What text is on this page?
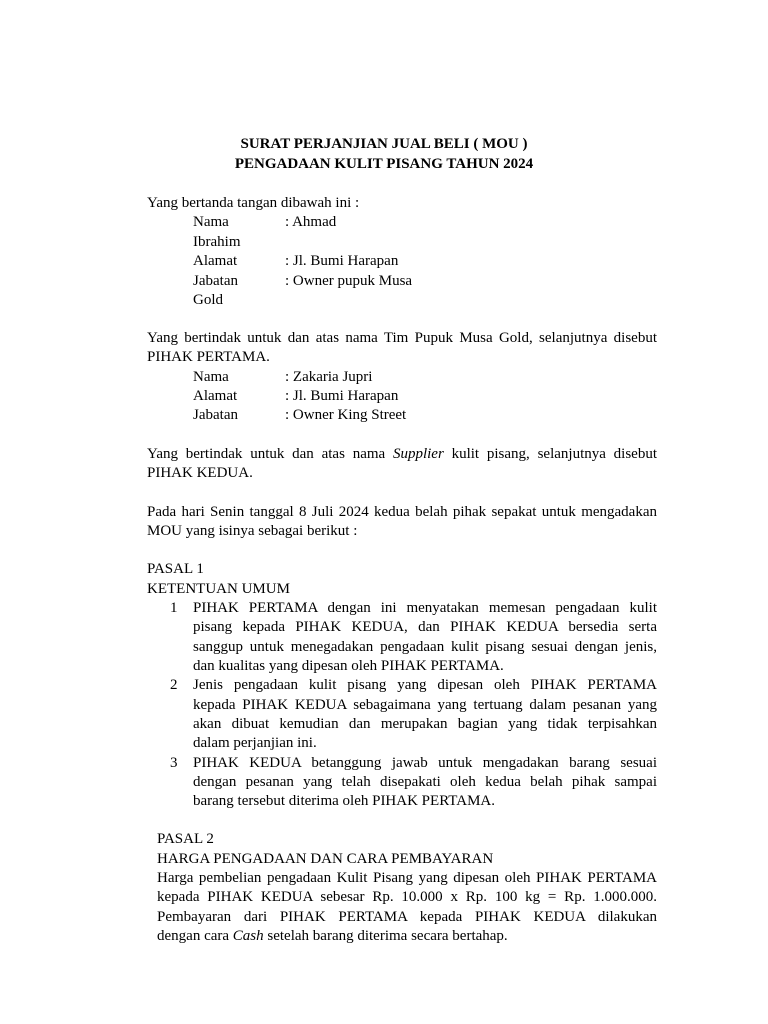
SURAT PERJANJIAN JUAL BELI ( MOU )
PENGADAAN KULIT PISANG TAHUN 2024
Yang bertanda tangan dibawah ini :
Nama	: Ahmad
Ibrahim
Alamat	: Jl. Bumi Harapan
Jabatan	: Owner pupuk Musa
Gold
Yang bertindak untuk dan atas nama Tim Pupuk Musa Gold, selanjutnya disebut
PIHAK PERTAMA.
Nama	: Zakaria Jupri
Alamat	: Jl. Bumi Harapan
Jabatan	: Owner King Street
Yang bertindak untuk dan atas nama Supplier kulit pisang, selanjutnya disebut
PIHAK KEDUA.
Pada hari Senin tanggal 8 Juli 2024 kedua belah pihak sepakat untuk mengadakan
MOU yang isinya sebagai berikut :
PASAL 1
KETENTUAN UMUM
1 PIHAK PERTAMA dengan ini menyatakan memesan pengadaan kulit
pisang kepada PIHAK KEDUA, dan PIHAK KEDUA bersedia serta
sanggup untuk menegadakan pengadaan kulit pisang sesuai dengan jenis,
dan kualitas yang dipesan oleh PIHAK PERTAMA.
2 Jenis pengadaan kulit pisang yang dipesan oleh PIHAK PERTAMA
kepada PIHAK KEDUA sebagaimana yang tertuang dalam pesanan yang
akan dibuat kemudian dan merupakan bagian yang tidak terpisahkan
dalam perjanjian ini.
3 PIHAK KEDUA betanggung jawab untuk mengadakan barang sesuai
dengan pesanan yang telah disepakati oleh kedua belah pihak sampai
barang tersebut diterima oleh PIHAK PERTAMA.
PASAL 2
HARGA PENGADAAN DAN CARA PEMBAYARAN
Harga pembelian pengadaan Kulit Pisang yang dipesan oleh PIHAK PERTAMA
kepada PIHAK KEDUA sebesar Rp. 10.000 x Rp. 100 kg = Rp. 1.000.000.
Pembayaran dari PIHAK PERTAMA kepada PIHAK KEDUA dilakukan
dengan cara Cash setelah barang diterima secara bertahap.
